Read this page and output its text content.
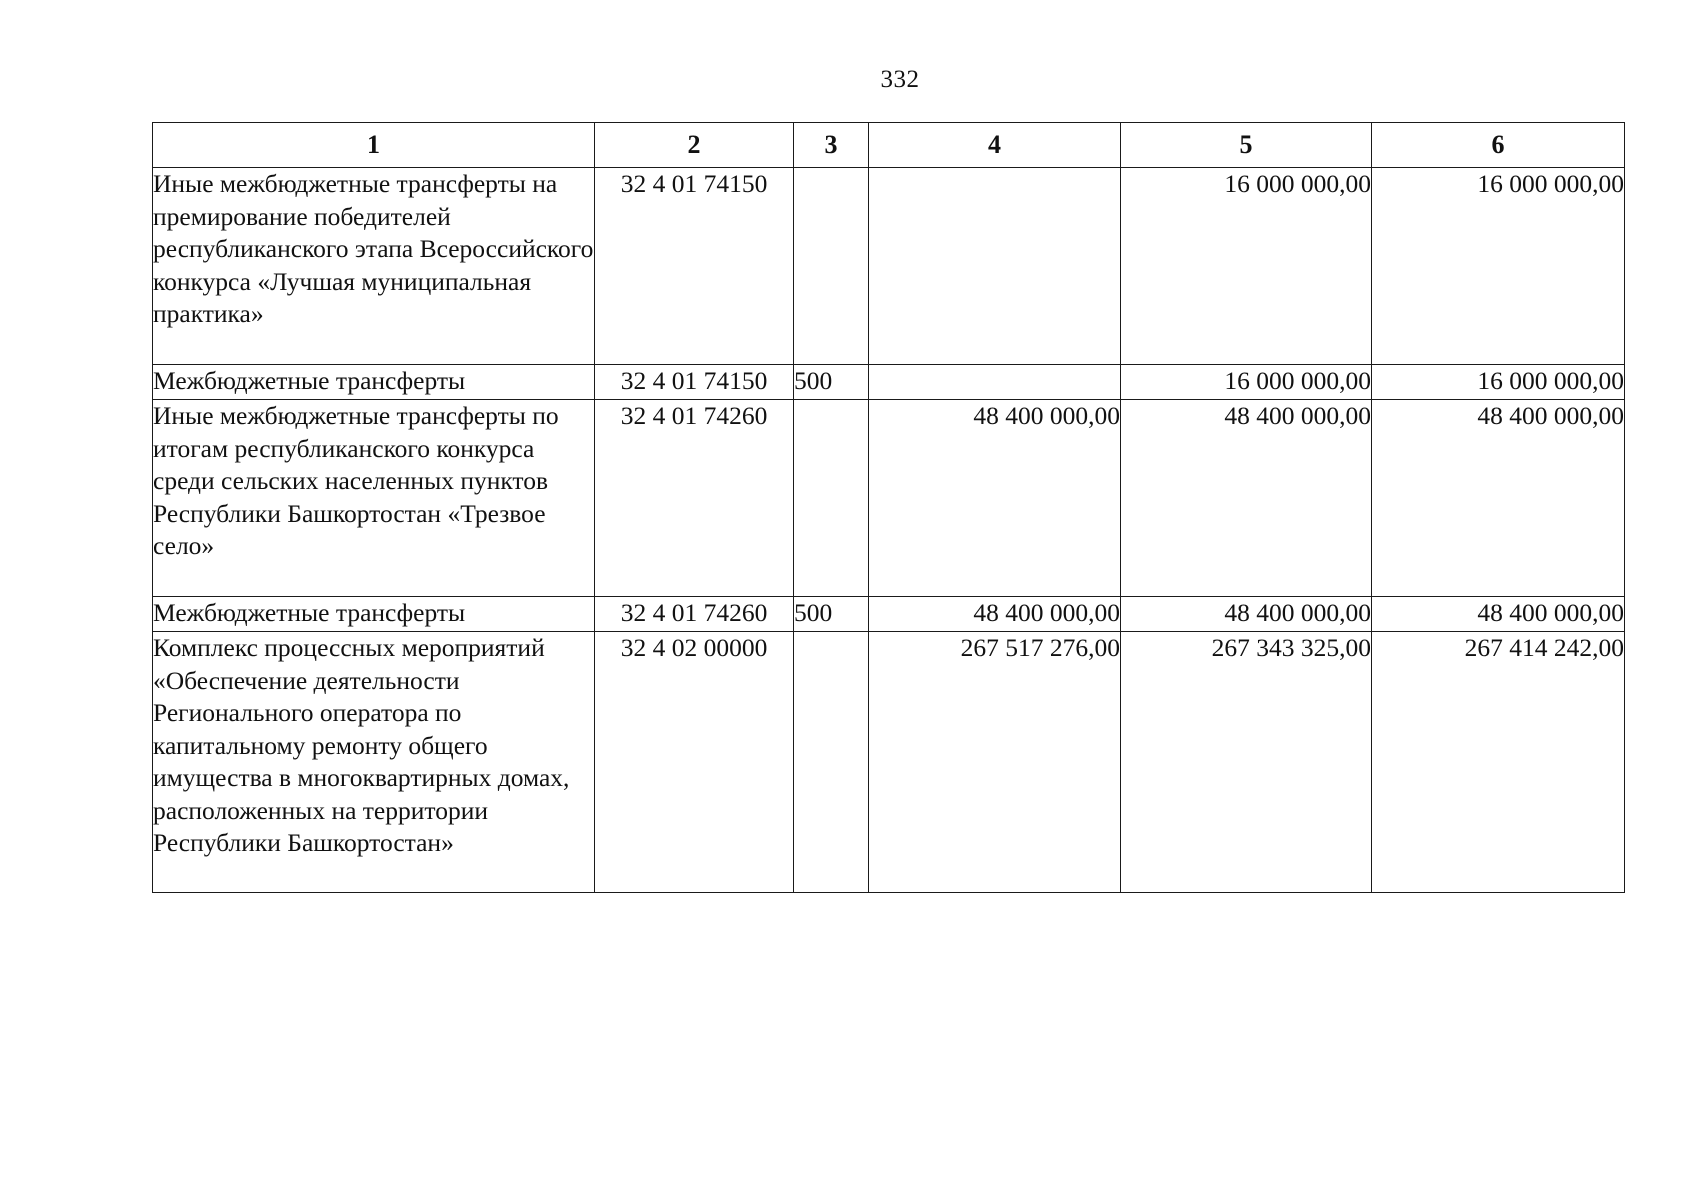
332
1	2	3	4	5	6
Иные межбюджетные трансферты на премирование победителей республиканского этапа Всероссийского конкурса «Лучшая муниципальная практика»	32 4 01 74150			16 000 000,00	16 000 000,00
Межбюджетные трансферты	32 4 01 74150	500		16 000 000,00	16 000 000,00
Иные межбюджетные трансферты по итогам республиканского конкурса среди сельских населенных пунктов Республики Башкортостан «Трезвое село»	32 4 01 74260		48 400 000,00	48 400 000,00	48 400 000,00
Межбюджетные трансферты	32 4 01 74260	500	48 400 000,00	48 400 000,00	48 400 000,00
Комплекс процессных мероприятий «Обеспечение деятельности Регионального оператора по капитальному ремонту общего имущества в многоквартирных домах, расположенных на территории Республики Башкортостан»	32 4 02 00000		267 517 276,00	267 343 325,00	267 414 242,00
